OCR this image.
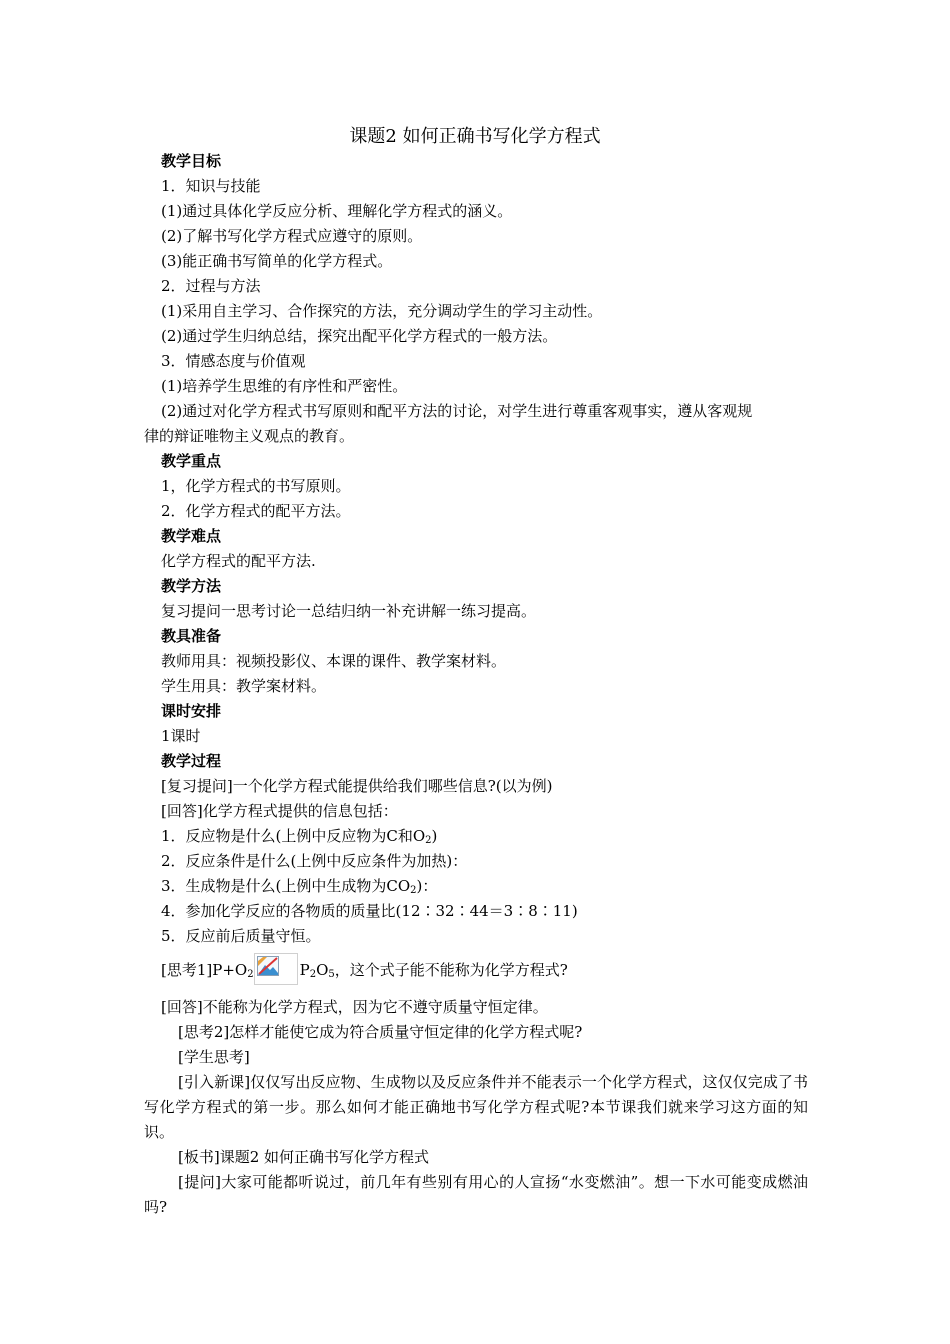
课题2 如何正确书写化学方程式
教学目标
1．知识与技能
(1)通过具体化学反应分析、理解化学方程式的涵义。
(2)了解书写化学方程式应遵守的原则。
(3)能正确书写简单的化学方程式。
2．过程与方法
(1)采用自主学习、合作探究的方法，充分调动学生的学习主动性。
(2)通过学生归纳总结，探究出配平化学方程式的一般方法。
3．情感态度与价值观
(1)培养学生思维的有序性和严密性。
(2)通过对化学方程式书写原则和配平方法的讨论，对学生进行尊重客观事实，遵从客观规
律的辩证唯物主义观点的教育。
教学重点
1，化学方程式的书写原则。
2．化学方程式的配平方法。
教学难点
化学方程式的配平方法.
教学方法
复习提问一思考讨论一总结归纳一补充讲解一练习提高。
教具准备
教师用具：视频投影仪、本课的课件、教学案材料。
学生用具：教学案材料。
课时安排
1课时
教学过程
[复习提问]一个化学方程式能提供给我们哪些信息?(以为例)
[回答]化学方程式提供的信息包括：
1．反应物是什么(上例中反应物为C和$O_2$)
2．反应条件是什么(上例中反应条件为加热)：
3．生成物是什么(上例中生成物为$CO_2$)：
4．参加化学反应的各物质的质量比(12∶32∶44＝3∶8∶11)
5．反应前后质量守恒。
[思考$1]P+O_2$	$P_2O_5$，这个式子能不能称为化学方程式?
[回答]不能称为化学方程式，因为它不遵守质量守恒定律。
[思考2]怎样才能使它成为符合质量守恒定律的化学方程式呢?
[学生思考]
[引入新课]仅仅写出反应物、生成物以及反应条件并不能表示一个化学方程式，这仅仅完成了书写化学方程式的第一步。那么如何才能正确地书写化学方程式呢?本节课我们就来学习这方面的知识。
[板书]课题2 如何正确书写化学方程式
[提问]大家可能都听说过，前几年有些别有用心的人宣扬“水变燃油”。想一下水可能变成燃油吗?
